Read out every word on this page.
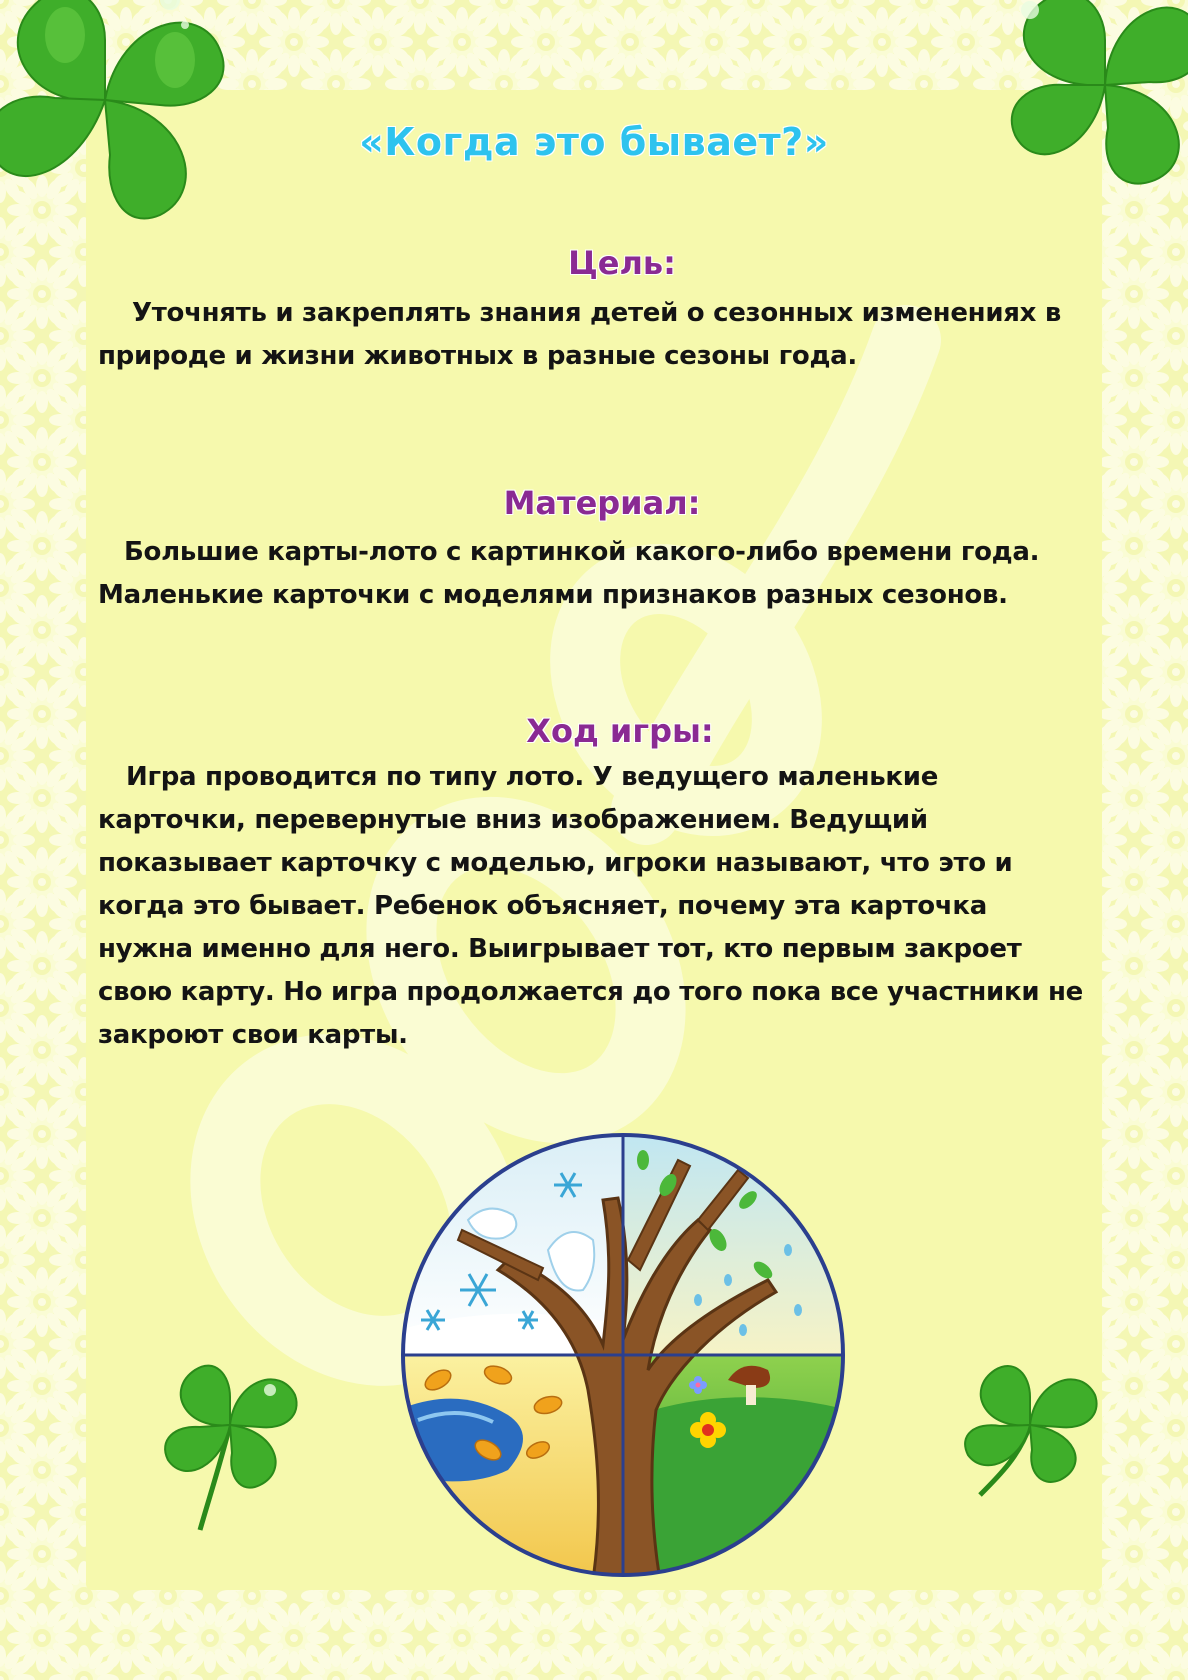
«Когда это бывает?»
Цель:
Уточнять и закреплять знания детей о сезонных изменениях в природе и жизни животных в разные сезоны года.
Материал:
Большие карты-лото с картинкой какого-либо времени года. Маленькие карточки с моделями признаков разных сезонов.
Ход игры:
Игра проводится по типу лото. У ведущего маленькие карточки, перевернутые вниз изображением. Ведущий показывает карточку с моделью, игроки называют, что это и когда это бывает. Ребенок объясняет, почему эта карточка нужна именно для него. Выигрывает тот, кто первым закроет свою карту. Но игра продолжается до того пока все участники не закроют свои карты.
